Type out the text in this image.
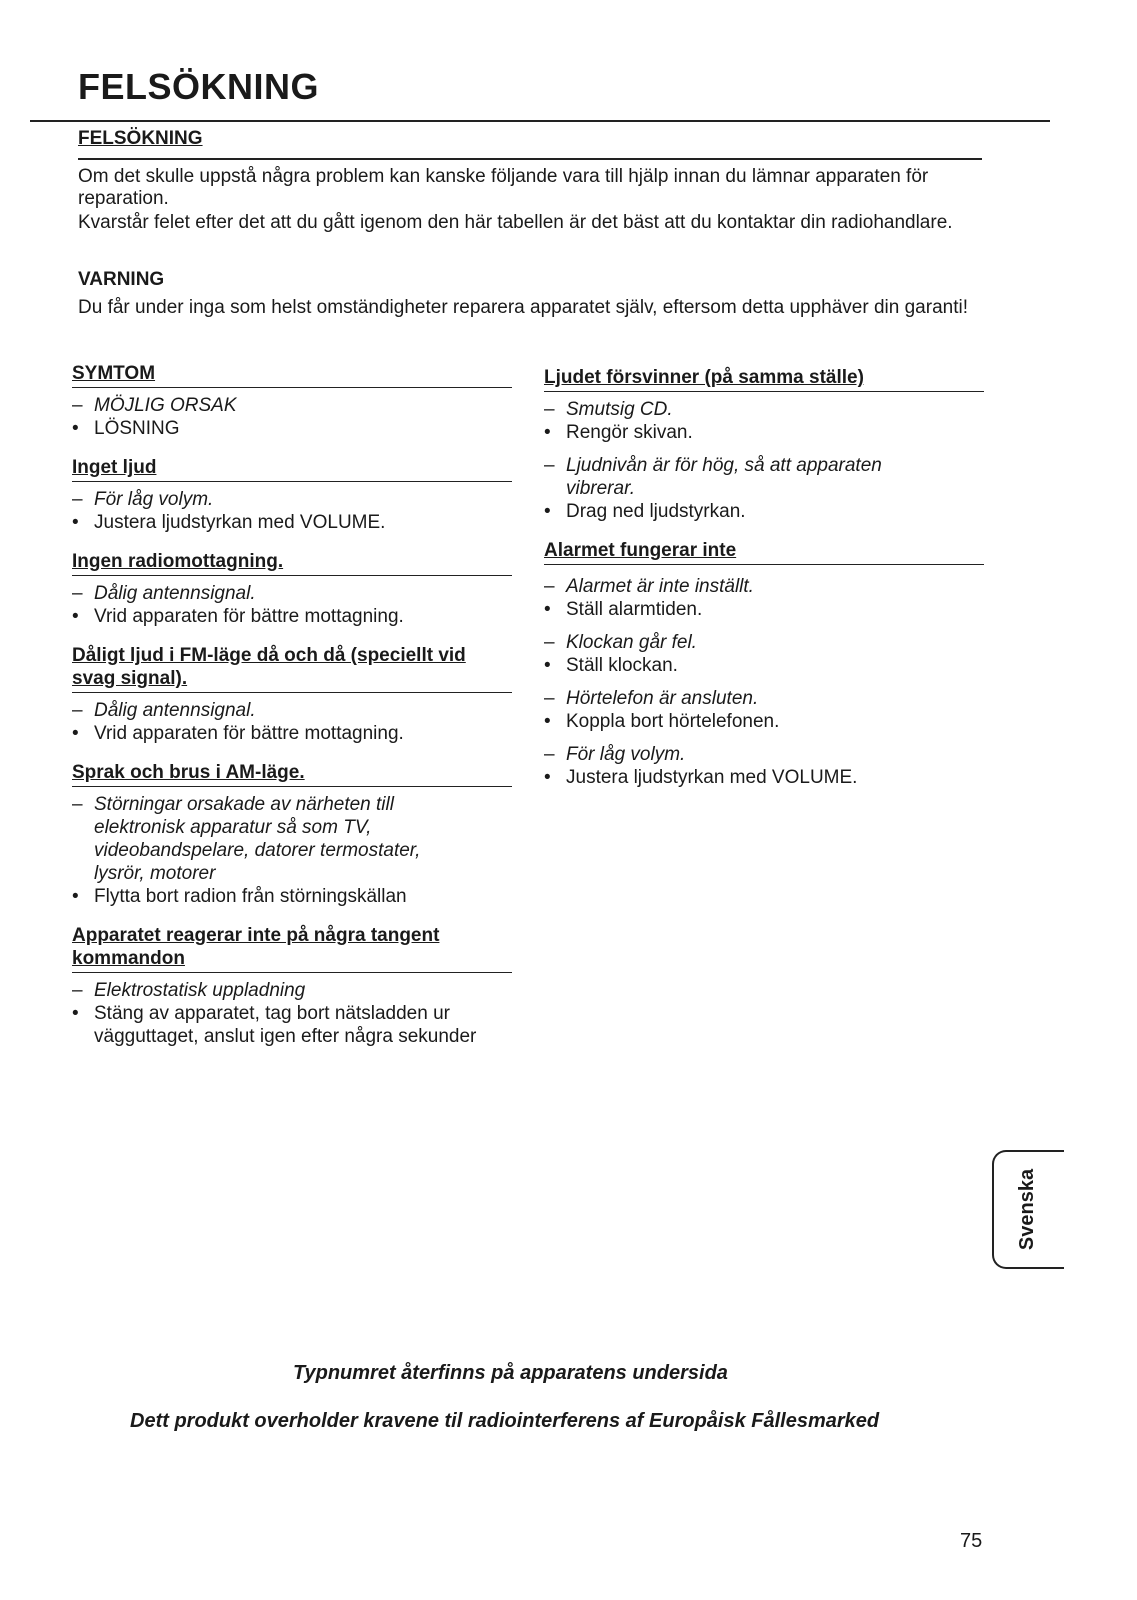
FELSÖKNING
FELSÖKNING
Om det skulle uppstå några problem kan kanske följande vara till hjälp innan du lämnar apparaten för reparation.
Kvarstår felet efter det att du gått igenom den här tabellen är det bäst att du kontaktar din radiohandlare.
VARNING
Du får under inga som helst omständigheter reparera apparatet själv, eftersom detta upphäver din garanti!
SYMTOM
– MÖJLIG ORSAK
• LÖSNING
Inget ljud
– För låg volym.
• Justera ljudstyrkan med VOLUME.
Ingen radiomottagning.
– Dålig antennsignal.
• Vrid apparaten för bättre mottagning.
Dåligt ljud i FM-läge då och då (speciellt vid svag signal).
– Dålig antennsignal.
• Vrid apparaten för bättre mottagning.
Sprak och brus i AM-läge.
– Störningar orsakade av närheten till elektronisk apparatur så som TV, videobandspelare, datorer termostater, lysrör, motorer
• Flytta bort radion från störningskällan
Apparatet reagerar inte på några tangent kommandon
– Elektrostatisk uppladning
• Stäng av apparatet, tag bort nätsladden ur vägguttaget, anslut igen efter några sekunder
Ljudet försvinner (på samma ställe)
– Smutsig CD.
• Rengör skivan.
– Ljudnivån är för hög, så att apparaten vibrerar.
• Drag ned ljudstyrkan.
Alarmet fungerar inte
– Alarmet är inte inställt.
• Ställ alarmtiden.
– Klockan går fel.
• Ställ klockan.
– Hörtelefon är ansluten.
• Koppla bort hörtelefonen.
– För låg volym.
• Justera ljudstyrkan med VOLUME.
Svenska
Typnumret återfinns på apparatens undersida
Dett produkt overholder kravene til radiointerferens af Europåisk Fållesmarked
75
